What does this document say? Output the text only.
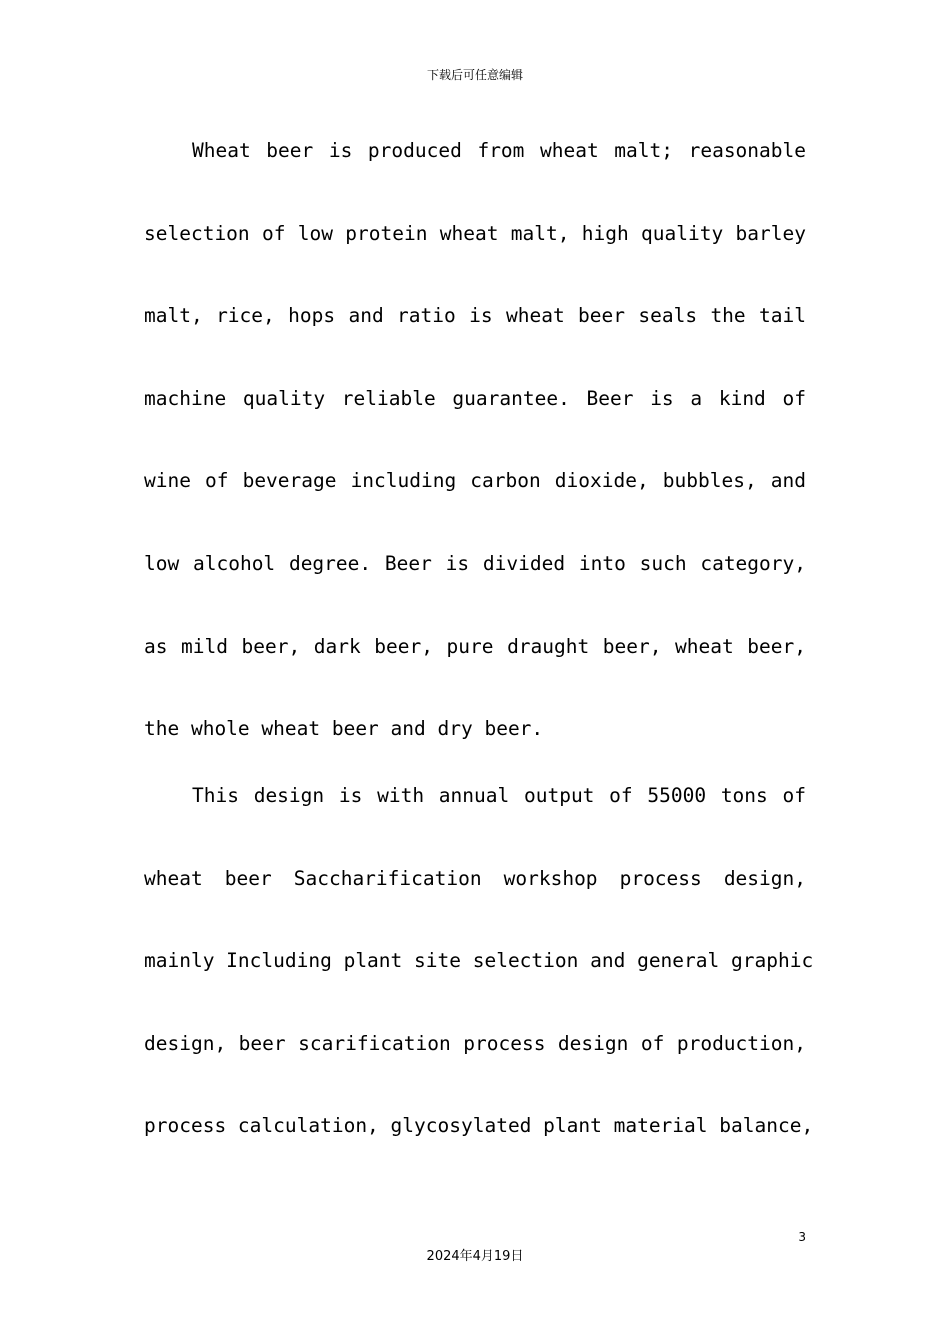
下载后可任意编辑
Wheat beer is produced from wheat malt; reasonable
selection of low protein wheat malt, high quality barley
malt, rice, hops and ratio is wheat beer seals the tail
machine quality reliable guarantee. Beer is a kind of
wine of beverage including carbon dioxide, bubbles, and
low alcohol degree. Beer is divided into such category,
as mild beer, dark beer, pure draught beer, wheat beer,
the whole wheat beer and dry beer.
This design is with annual output of 55000 tons of
wheat beer Saccharification workshop process design,
mainly Including plant site selection and general graphic
design, beer scarification process design of production,
process calculation, glycosylated plant material balance,
3
2024年4月19日
